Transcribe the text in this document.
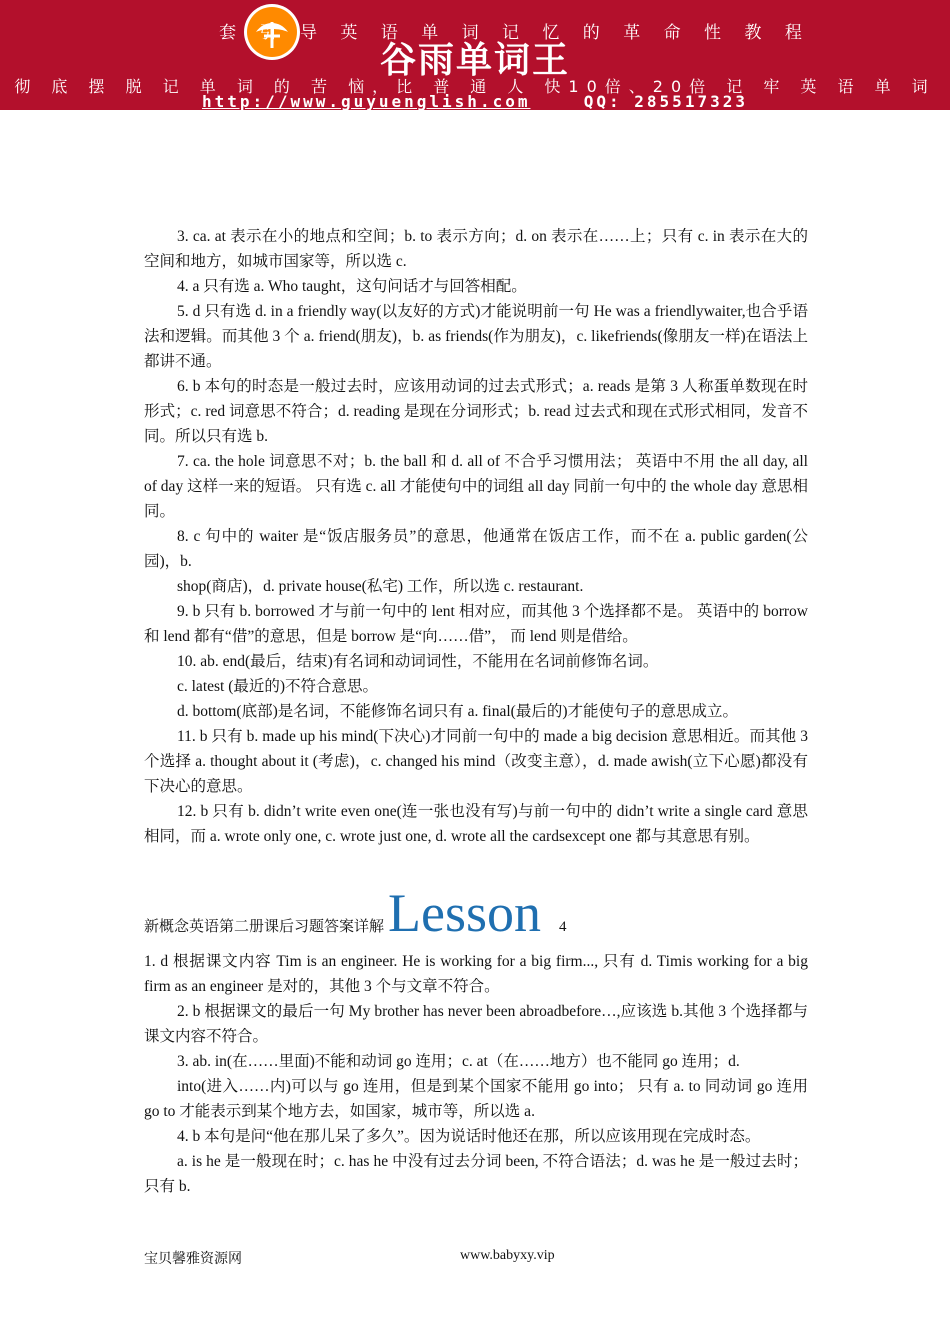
套 引 导 英 语 单 词 记 忆 的 革 命 性 教 程
谷雨单词王
彻 底 摆 脱 记 单 词 的 苦 恼，比 普 通 人 快10倍、20倍 记 牢 英 语 单 词
http://www.guyuenglish.com	QQ: 285517323

3. ca. at 表示在小的地点和空间；b. to 表示方向；d. on 表示在……上；只有 c. in 表示在大的空间和地方，如城市国家等，所以选 c.

4. a 只有选 a. Who taught，这句问话才与回答相配。

5. d 只有选 d. in a friendly way(以友好的方式)才能说明前一句 He was a friendlywaiter,也合乎语法和逻辑。而其他 3 个 a. friend(朋友)，b. as friends(作为朋友)，c. likefriends(像朋友一样)在语法上都讲不通。

6. b 本句的时态是一般过去时，应该用动词的过去式形式；a. reads 是第 3 人称蛋单数现在时形式；c. red 词意思不符合；d. reading 是现在分词形式；b. read 过去式和现在式形式相同，发音不同。所以只有选 b.

7. ca. the hole 词意思不对；b. the ball 和 d. all of 不合乎习惯用法； 英语中不用 the all day, all of day 这样一来的短语。 只有选 c. all 才能使句中的词组 all day 同前一句中的 the whole day 意思相同。

8. c 句中的 waiter 是“饭店服务员”的意思，他通常在饭店工作，而不在 a. public garden(公园)，b.

shop(商店)，d. private house(私宅) 工作，所以选 c. restaurant.

9. b 只有 b. borrowed 才与前一句中的 lent 相对应，而其他 3 个选择都不是。 英语中的 borrow 和 lend 都有“借”的意思，但是 borrow 是“向……借”， 而 lend 则是借给。

10. ab. end(最后，结束)有名词和动词词性，不能用在名词前修饰名词。

c. latest (最近的)不符合意思。

d. bottom(底部)是名词，不能修饰名词只有 a. final(最后的)才能使句子的意思成立。

11. b 只有 b. made up his mind(下决心)才同前一句中的 made a big decision 意思相近。而其他 3 个选择 a. thought about it (考虑)，c. changed his mind（改变主意），d. made awish(立下心愿)都没有下决心的意思。

12. b 只有 b. didn’t write even one(连一张也没有写)与前一句中的 didn’t write a single card 意思相同，而 a. wrote only one, c. wrote just one, d. wrote all the cardsexcept one 都与其意思有别。

新概念英语第二册课后习题答案详解 Lesson 4

1. d 根据课文内容 Tim is an engineer. He is working for a big firm..., 只有 d. Timis working for a big firm as an engineer 是对的，其他 3 个与文章不符合。

2. b 根据课文的最后一句 My brother has never been abroadbefore…,应该选 b.其他 3 个选择都与课文内容不符合。

3. ab. in(在……里面)不能和动词 go 连用；c. at（在……地方）也不能同 go 连用；d.

into(进入……内)可以与 go 连用，但是到某个国家不能用 go into； 只有 a. to 同动词 go 连用 go to 才能表示到某个地方去，如国家，城市等，所以选 a.

4. b 本句是问“他在那儿呆了多久”。因为说话时他还在那，所以应该用现在完成时态。

a. is he 是一般现在时；c. has he 中没有过去分词 been, 不符合语法；d. was he 是一般过去时；只有 b.

宝贝馨雅资源网	www.babyxy.vip
